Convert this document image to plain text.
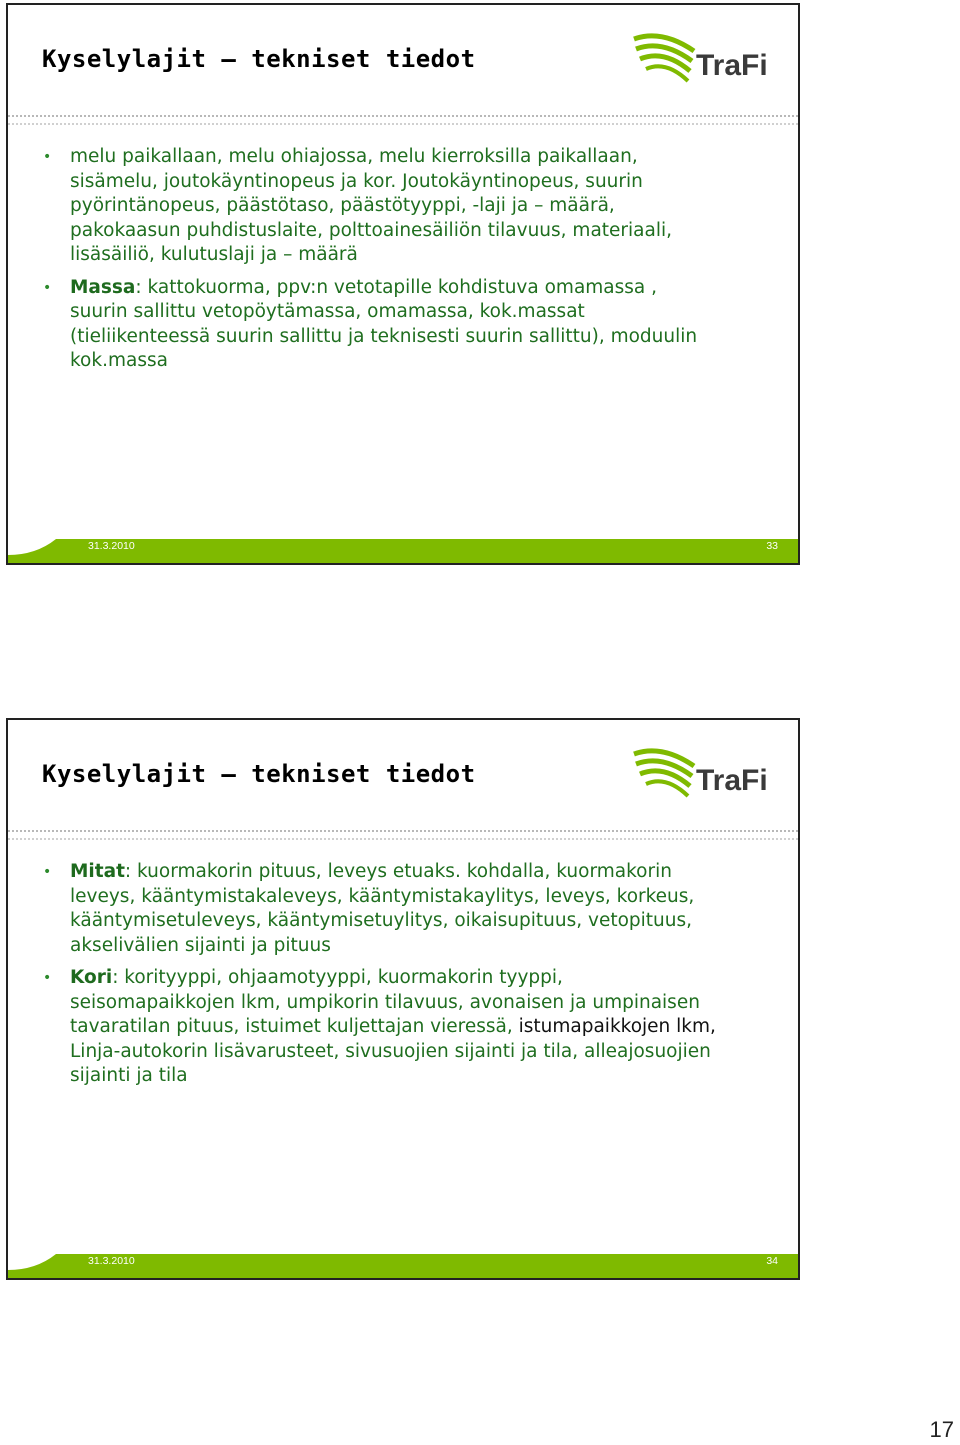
Kyselylajit – tekniset tiedot	TraFi
• melu paikallaan, melu ohiajossa, melu kierroksilla paikallaan, sisämelu, joutokäyntinopeus ja kor. Joutokäyntinopeus, suurin pyörintänopeus, päästötaso, päästötyyppi, -laji ja – määrä, pakokaasun puhdistuslaite, polttoainesäiliön tilavuus, materiaali, lisäsäiliö, kulutuslaji ja – määrä
• Massa: kattokuorma, ppv:n vetotapille kohdistuva omamassa , suurin sallittu vetopöytämassa, omamassa, kok.massat (tieliikenteessä suurin sallittu ja teknisesti suurin sallittu), moduulin kok.massa
31.3.2010	33
Kyselylajit – tekniset tiedot	TraFi
• Mitat: kuormakorin pituus, leveys etuaks. kohdalla, kuormakorin leveys, kääntymistakaleveys, kääntymistakaylitys, leveys, korkeus, kääntymisetuleveys, kääntymisetuylitys, oikaisupituus, vetopituus, akselivälien sijainti ja pituus
• Kori: korityyppi, ohjaamotyyppi, kuormakorin tyyppi, seisomapaikkojen lkm, umpikorin tilavuus, avonaisen ja umpinaisen tavaratilan pituus, istuimet kuljettajan vieressä, istumapaikkojen lkm, Linja-autokorin lisävarusteet, sivusuojien sijainti ja tila, alleajosuojien sijainti ja tila
31.3.2010	34
17
